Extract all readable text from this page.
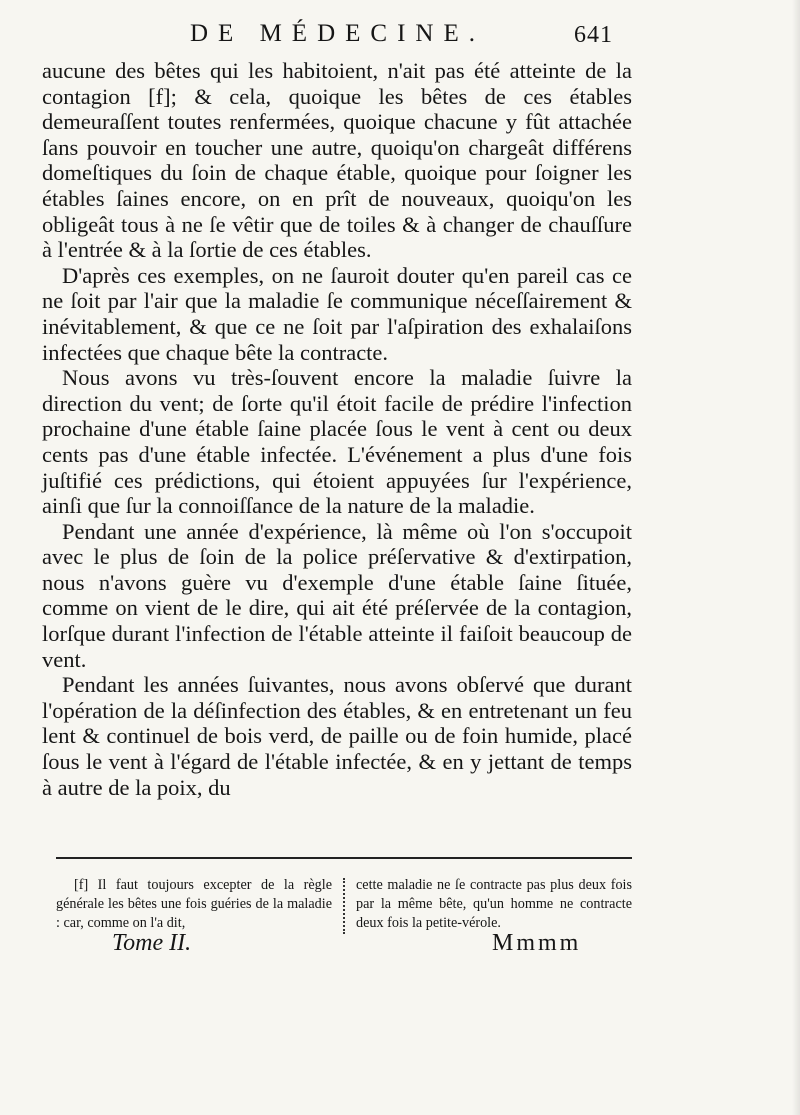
DE MÉDECINE.	641

aucune des bêtes qui les habitoient, n'ait pas été atteinte de la contagion [f]; & cela, quoique les bêtes de ces étables demeuraſſent toutes renfermées, quoique chacune y fût attachée ſans pouvoir en toucher une autre, quoiqu'on chargeât différens domeſtiques du ſoin de chaque étable, quoique pour ſoigner les étables ſaines encore, on en prît de nouveaux, quoiqu'on les obligeât tous à ne ſe vêtir que de toiles & à changer de chauſſure à l'entrée & à la ſortie de ces étables.

D'après ces exemples, on ne ſauroit douter qu'en pareil cas ce ne ſoit par l'air que la maladie ſe communique néceſſairement & inévitablement, & que ce ne ſoit par l'aſpiration des exhalaiſons infectées que chaque bête la contracte.

Nous avons vu très-ſouvent encore la maladie ſuivre la direction du vent; de ſorte qu'il étoit facile de prédire l'infection prochaine d'une étable ſaine placée ſous le vent à cent ou deux cents pas d'une étable infectée. L'événement a plus d'une fois juſtifié ces prédictions, qui étoient appuyées ſur l'expérience, ainſi que ſur la connoiſſance de la nature de la maladie.

Pendant une année d'expérience, là même où l'on s'occupoit avec le plus de ſoin de la police préſervative & d'extirpation, nous n'avons guère vu d'exemple d'une étable ſaine ſituée, comme on vient de le dire, qui ait été préſervée de la contagion, lorſque durant l'infection de l'étable atteinte il faiſoit beaucoup de vent.

Pendant les années ſuivantes, nous avons obſervé que durant l'opération de la déſinfection des étables, & en entretenant un feu lent & continuel de bois verd, de paille ou de foin humide, placé ſous le vent à l'égard de l'étable infectée, & en y jettant de temps à autre de la poix, du

[f] Il faut toujours excepter de la règle générale les bêtes une fois guéries de la maladie : car, comme on l'a dit,
cette maladie ne ſe contracte pas plus deux fois par la même bête, qu'un homme ne contracte deux fois la petite-vérole.
Tome II.	Mmmm
